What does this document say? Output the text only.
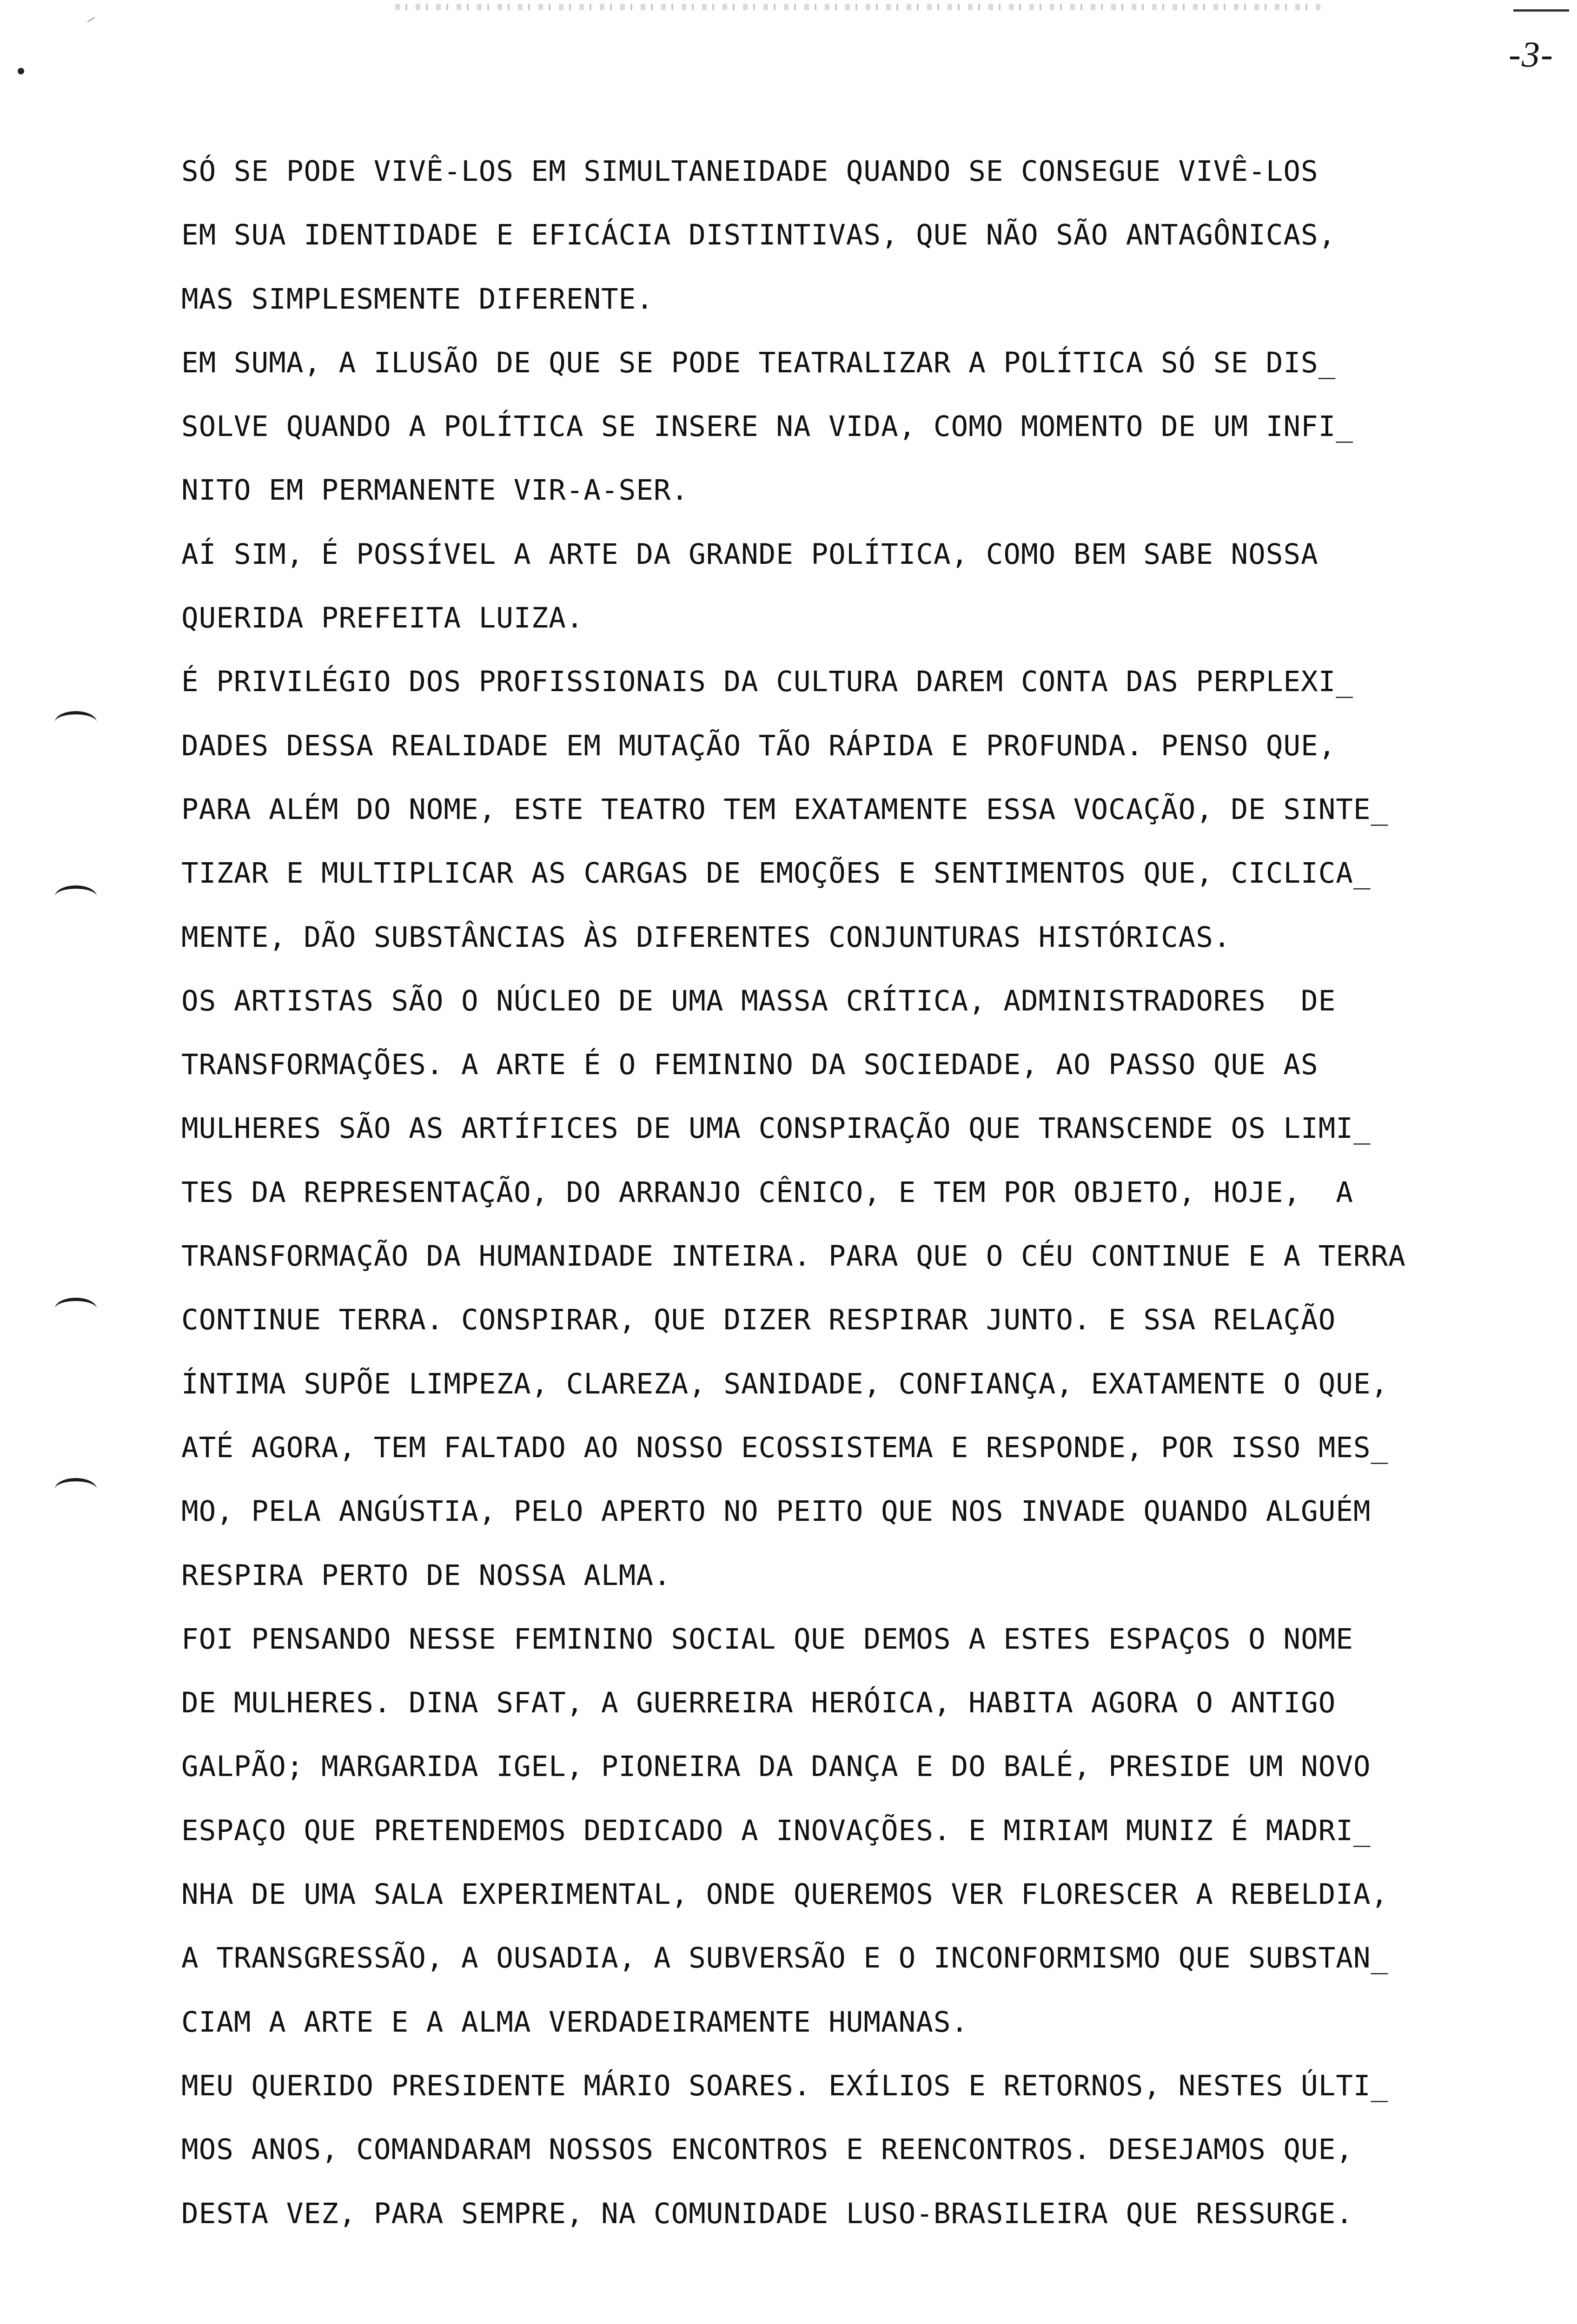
-3-
SÓ SE PODE VIVÊ-LOS EM SIMULTANEIDADE QUANDO SE CONSEGUE VIVÊ-LOS
EM SUA IDENTIDADE E EFICÁCIA DISTINTIVAS, QUE NÃO SÃO ANTAGÔNICAS,
MAS SIMPLESMENTE DIFERENTE.
EM SUMA, A ILUSÃO DE QUE SE PODE TEATRALIZAR A POLÍTICA SÓ SE DIS_
SOLVE QUANDO A POLÍTICA SE INSERE NA VIDA, COMO MOMENTO DE UM INFI_
NITO EM PERMANENTE VIR-A-SER.
AÍ SIM, É POSSÍVEL A ARTE DA GRANDE POLÍTICA, COMO BEM SABE NOSSA
QUERIDA PREFEITA LUIZA.
É PRIVILÉGIO DOS PROFISSIONAIS DA CULTURA DAREM CONTA DAS PERPLEXI_
DADES DESSA REALIDADE EM MUTAÇÃO TÃO RÁPIDA E PROFUNDA. PENSO QUE,
PARA ALÉM DO NOME, ESTE TEATRO TEM EXATAMENTE ESSA VOCAÇÃO, DE SINTE_
TIZAR E MULTIPLICAR AS CARGAS DE EMOÇÕES E SENTIMENTOS QUE, CICLICA_
MENTE, DÃO SUBSTÂNCIAS ÀS DIFERENTES CONJUNTURAS HISTÓRICAS.
OS ARTISTAS SÃO O NÚCLEO DE UMA MASSA CRÍTICA, ADMINISTRADORES  DE
TRANSFORMAÇÕES. A ARTE É O FEMININO DA SOCIEDADE, AO PASSO QUE AS
MULHERES SÃO AS ARTÍFICES DE UMA CONSPIRAÇÃO QUE TRANSCENDE OS LIMI_
TES DA REPRESENTAÇÃO, DO ARRANJO CÊNICO, E TEM POR OBJETO, HOJE,  A
TRANSFORMAÇÃO DA HUMANIDADE INTEIRA. PARA QUE O CÉU CONTINUE E A TERRA
CONTINUE TERRA. CONSPIRAR, QUE DIZER RESPIRAR JUNTO. E SSA RELAÇÃO
ÍNTIMA SUPÕE LIMPEZA, CLAREZA, SANIDADE, CONFIANÇA, EXATAMENTE O QUE,
ATÉ AGORA, TEM FALTADO AO NOSSO ECOSSISTEMA E RESPONDE, POR ISSO MES_
MO, PELA ANGÚSTIA, PELO APERTO NO PEITO QUE NOS INVADE QUANDO ALGUÉM
RESPIRA PERTO DE NOSSA ALMA.
FOI PENSANDO NESSE FEMININO SOCIAL QUE DEMOS A ESTES ESPAÇOS O NOME
DE MULHERES. DINA SFAT, A GUERREIRA HERÓICA, HABITA AGORA O ANTIGO
GALPÃO; MARGARIDA IGEL, PIONEIRA DA DANÇA E DO BALÉ, PRESIDE UM NOVO
ESPAÇO QUE PRETENDEMOS DEDICADO A INOVAÇÕES. E MIRIAM MUNIZ É MADRI_
NHA DE UMA SALA EXPERIMENTAL, ONDE QUEREMOS VER FLORESCER A REBELDIA,
A TRANSGRESSÃO, A OUSADIA, A SUBVERSÃO E O INCONFORMISMO QUE SUBSTAN_
CIAM A ARTE E A ALMA VERDADEIRAMENTE HUMANAS.
MEU QUERIDO PRESIDENTE MÁRIO SOARES. EXÍLIOS E RETORNOS, NESTES ÚLTI_
MOS ANOS, COMANDARAM NOSSOS ENCONTROS E REENCONTROS. DESEJAMOS QUE,
DESTA VEZ, PARA SEMPRE, NA COMUNIDADE LUSO-BRASILEIRA QUE RESSURGE.
